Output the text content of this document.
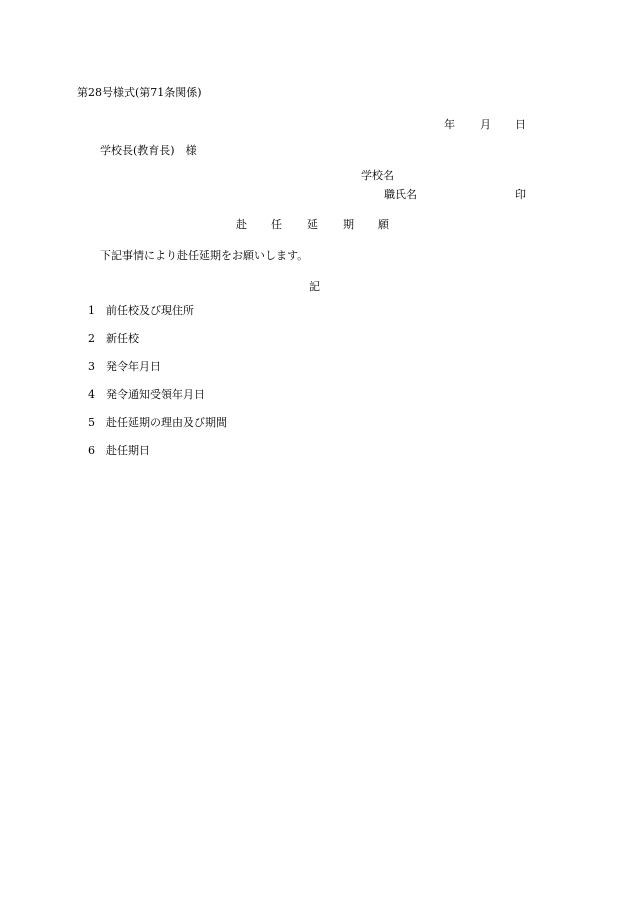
第28号様式(第71条関係)
年 月 日
学校長(教育長)　様
学校名
職氏名	印
赴 任 延 期 願
下記事情により赴任延期をお願いします。
記
1 前任校及び現住所
2 新任校
3 発令年月日
4 発令通知受領年月日
5 赴任延期の理由及び期間
6 赴任期日
